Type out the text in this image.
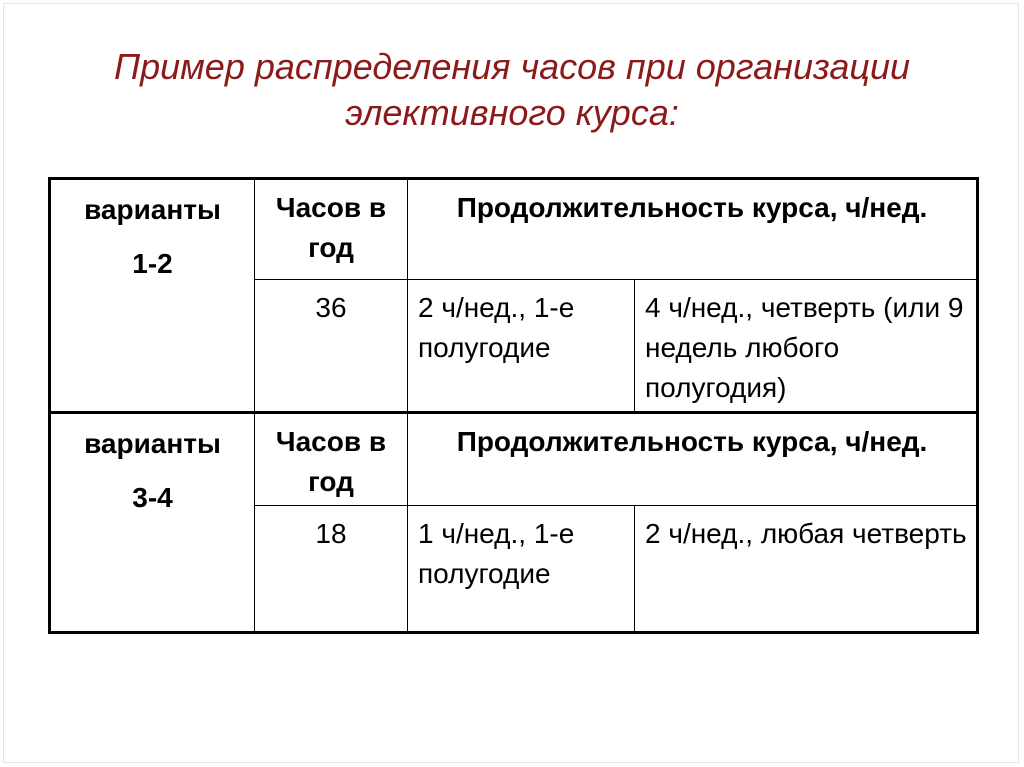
Пример распределения часов при организации
элективного курса:
варианты
1-2	Часов в год	Продолжительность курса, ч/нед.	
	36	2 ч/нед., 1-е полугодие	4 ч/нед., четверть (или 9 недель любого полугодия)
варианты
3-4	Часов в год	Продолжительность курса, ч/нед.	
	18	1 ч/нед., 1-е полугодие	2 ч/нед., любая четверть
